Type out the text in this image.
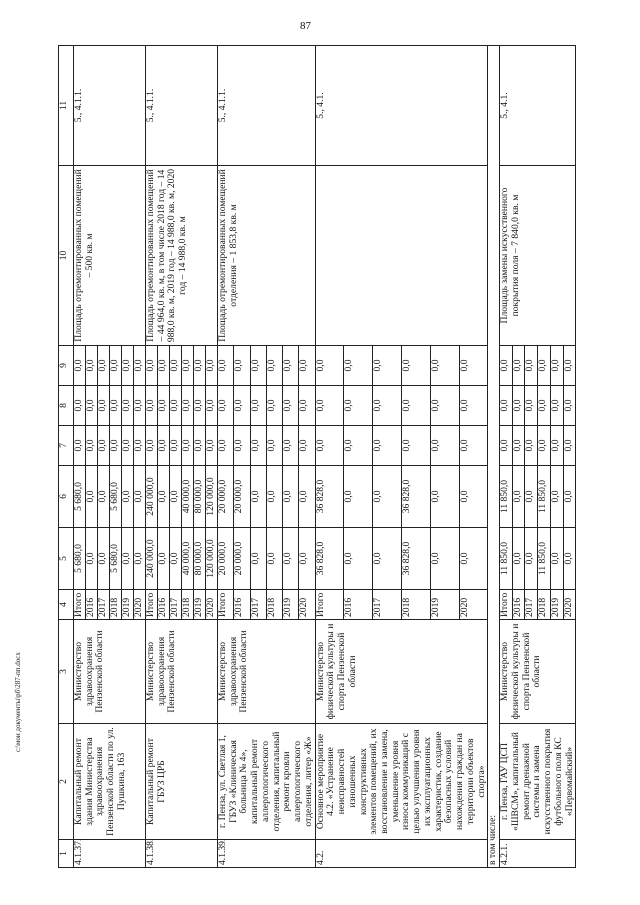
87
c:\мои документы\рб\287-пп.docx
1	2	3	4	5	6	7	8	9	10	11
4.1.37.	Капитальный ремонт здания Министерства здравоохранения Пензенской области по ул. Пушкина, 163	Министерство здравоохранения Пензенской области	Итого	5 680,0	5 680,0	0,0	0,0	0,0	Площадь отремонтированных помещений – 500 кв. м	5., 4.1.1.
			2016	0,0	0,0	0,0	0,0	0,0		
			2017	0,0	0,0	0,0	0,0	0,0		
			2018	5 680,0	5 680,0	0,0	0,0	0,0		
			2019	0,0	0,0	0,0	0,0	0,0		
			2020	0,0	0,0	0,0	0,0	0,0		
4.1.38.	Капитальный ремонт ГБУЗ ЦРБ	Министерство здравоохранения Пензенской области	Итого	240 000,0	240 000,0	0,0	0,0	0,0	Площадь отремонтированных помещений – 44 964,0 кв. м, в том числе 2018 год – 14 988,0 кв. м, 2019 год – 14 988,0 кв. м, 2020 год – 14 988,0 кв. м	5., 4.1.1.
			2016	0,0	0,0	0,0	0,0	0,0		
			2017	0,0	0,0	0,0	0,0	0,0		
			2018	40 000,0	40 000,0	0,0	0,0	0,0		
			2019	80 000,0	80 000,0	0,0	0,0	0,0		
			2020	120 000,0	120 000,0	0,0	0,0	0,0		
4.1.39.	г. Пенза, ул. Светлая 1, ГБУЗ «Клиническая больница № 4», капитальный ремонт аллергологического отделения, капитальный ремонт кровли аллергологического отделения, литер «Ж»	Министерство здравоохранения Пензенской области	Итого	20 000,0	20 000,0	0,0	0,0	0,0	Площадь отремонтированных помещений отделения – 1 853,8 кв. м	5., 4.1.1.
			2016	20 000,0	20 000,0	0,0	0,0	0,0		
			2017	0,0	0,0	0,0	0,0	0,0		
			2018	0,0	0,0	0,0	0,0	0,0		
			2019	0,0	0,0	0,0	0,0	0,0		
			2020	0,0	0,0	0,0	0,0	0,0		
4.2.	Основное мероприятие 4.2. «Устранение неисправностей изношенных конструктивных элементов помещений, их восстановление и замена, уменьшение уровня износа коммуникаций с целью улучшения уровня их эксплуатационных характеристик, создание безопасных условий нахождения граждан на территории объектов спорта»	Министерство физической культуры и спорта Пензенской области	Итого	36 828,0	36 828,0	0,0	0,0	0,0		5., 4.1.
			2016	0,0	0,0	0,0	0,0	0,0		
			2017	0,0	0,0	0,0	0,0	0,0		
			2018	36 828,0	36 828,0	0,0	0,0	0,0		
			2019	0,0	0,0	0,0	0,0	0,0		
			2020	0,0	0,0	0,0	0,0	0,0		
в том числе:										
4.2.1.	г. Пенза, ГАУ ЦСП «ШВСМ», капитальный ремонт дренажной системы и замена искусственного покрытия футбольного поля КС «Первомайский»	Министерство физической культуры и спорта Пензенской области	Итого	11 850,0	11 850,0	0,0	0,0	0,0	Площадь замены искусственного покрытия поля – 7 840,0 кв. м	5., 4.1.
			2016	0,0	0,0	0,0	0,0	0,0		
			2017	0,0	0,0	0,0	0,0	0,0		
			2018	11 850,0	11 850,0	0,0	0,0	0,0		
			2019	0,0	0,0	0,0	0,0	0,0		
			2020	0,0	0,0	0,0	0,0	0,0		
